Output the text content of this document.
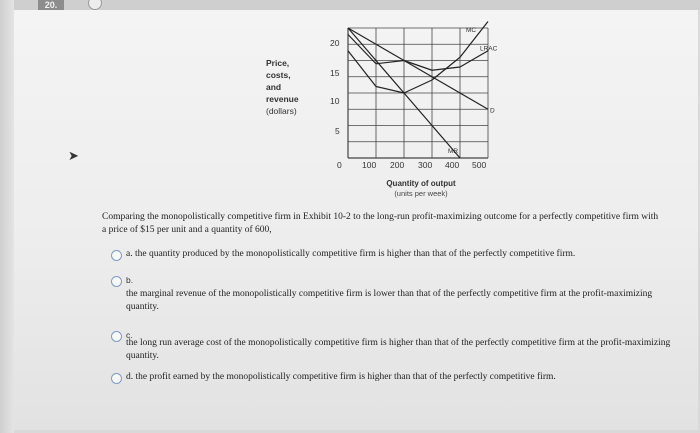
20.
➤
Price,
costs,
and
revenue
(dollars)
20
15
10
5
0 100 200 300 400 500
Quantity of output
(units per week)
MC
LRAC
D
MR
Comparing the monopolistically competitive firm in Exhibit 10-2 to the long-run profit-maximizing outcome for a perfectly competitive firm with a price of $15 per unit and a quantity of 600,
a. the quantity produced by the monopolistically competitive firm is higher than that of the perfectly competitive firm.
b.
the marginal revenue of the monopolistically competitive firm is lower than that of the perfectly competitive firm at the profit-maximizing quantity.
c.
the long run average cost of the monopolistically competitive firm is higher than that of the perfectly competitive firm at the profit-maximizing quantity.
d. the profit earned by the monopolistically competitive firm is higher than that of the perfectly competitive firm.
